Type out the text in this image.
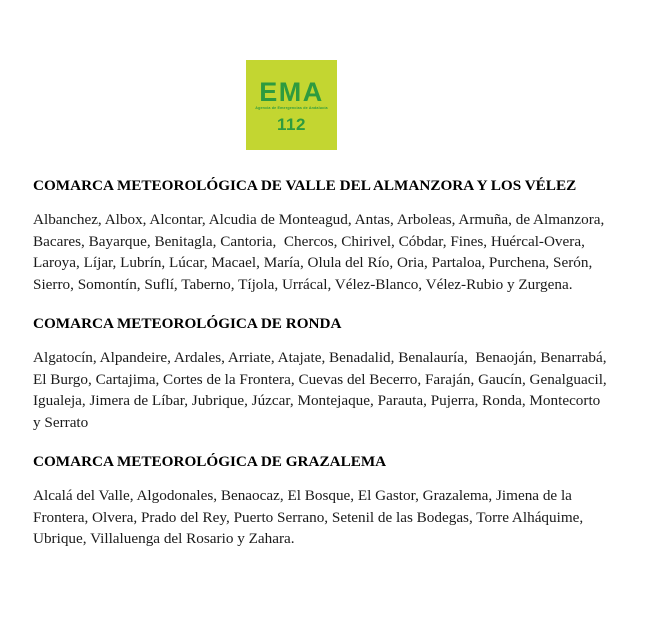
EMA
Agencia de Emergencias de Andalucía
112
COMARCA METEOROLÓGICA DE VALLE DEL ALMANZORA Y LOS VÉLEZ

Albanchez, Albox, Alcontar, Alcudia de Monteagud, Antas, Arboleas, Armuña, de Almanzora, Bacares, Bayarque, Benitagla, Cantoria,  Chercos, Chirivel, Cóbdar, Fines, Huércal-Overa, Laroya, Líjar, Lubrín, Lúcar, Macael, María, Olula del Río, Oria, Partaloa, Purchena, Serón, Sierro, Somontín, Suflí, Taberno, Tíjola, Urrácal, Vélez-Blanco, Vélez-Rubio y Zurgena.

COMARCA METEOROLÓGICA DE RONDA

Algatocín, Alpandeire, Ardales, Arriate, Atajate, Benadalid, Benalauría,  Benaoján, Benarrabá, El Burgo, Cartajima, Cortes de la Frontera, Cuevas del Becerro, Faraján, Gaucín, Genalguacil, Igualeja, Jimera de Líbar, Jubrique, Júzcar, Montejaque, Parauta, Pujerra, Ronda, Montecorto y Serrato

COMARCA METEOROLÓGICA DE GRAZALEMA

Alcalá del Valle, Algodonales, Benaocaz, El Bosque, El Gastor, Grazalema, Jimena de la Frontera, Olvera, Prado del Rey, Puerto Serrano, Setenil de las Bodegas, Torre Alháquime, Ubrique, Villaluenga del Rosario y Zahara.
